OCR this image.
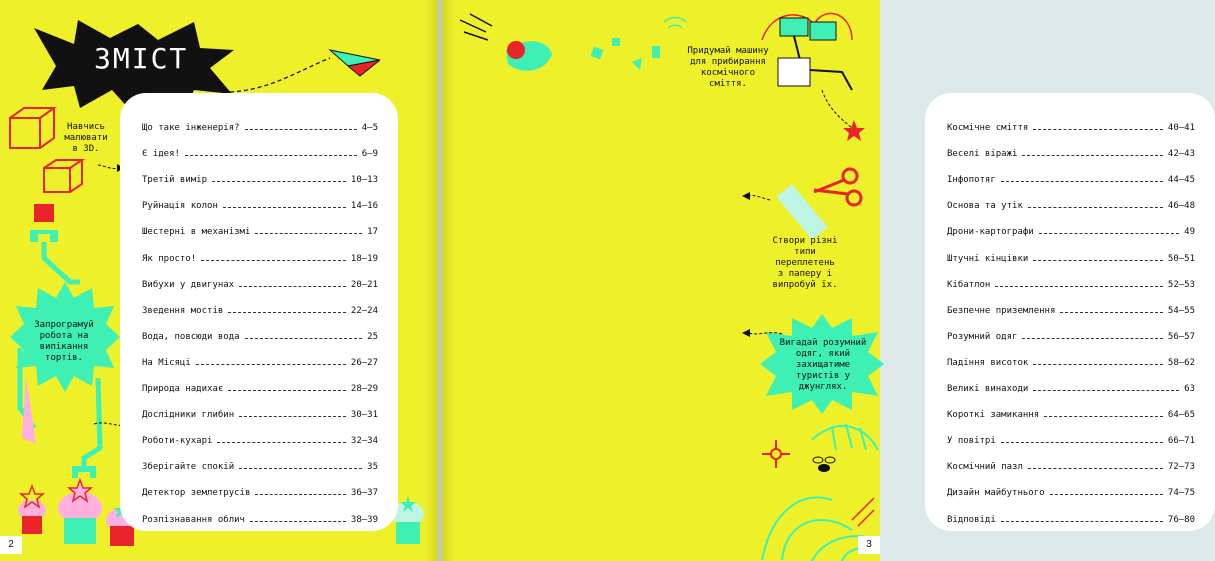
ЗМІСТ
Навчись малювати в 3D.
Запрограмуй робота на випікання тортів.
Що таке інженерія?	4–5
Є ідея!	6–9
Третій вимір	10–13
Руйнація колон	14–16
Шестерні в механізмі	17
Як просто!	18–19
Вибухи у двигунах	20–21
Зведення мостів	22–24
Вода, повсюди вода	25
На Місяці	26–27
Природа надихає	28–29
Дослідники глибин	30–31
Роботи-кухарі	32–34
Зберігайте спокій	35
Детектор землетрусів	36–37
Розпізнавання облич	38–39
2
Придумай машину для прибирання космічного сміття.
Створи різні типи переплетень з паперу і випробуй їх.
Вигадай розумний одяг, який захищатиме туристів у джунглях.
Космічне сміття	40–41
Веселі віражі	42–43
Інфопотяг	44–45
Основа та утік	46–48
Дрони-картографи	49
Штучні кінцівки	50–51
Кібатлон	52–53
Безпечне приземлення	54–55
Розумний одяг	56–57
Падіння висоток	58–62
Великі винаходи	63
Короткі замикання	64–65
У повітрі	66–71
Космічний пазл	72–73
Дизайн майбутнього	74–75
Відповіді	76–80
3
